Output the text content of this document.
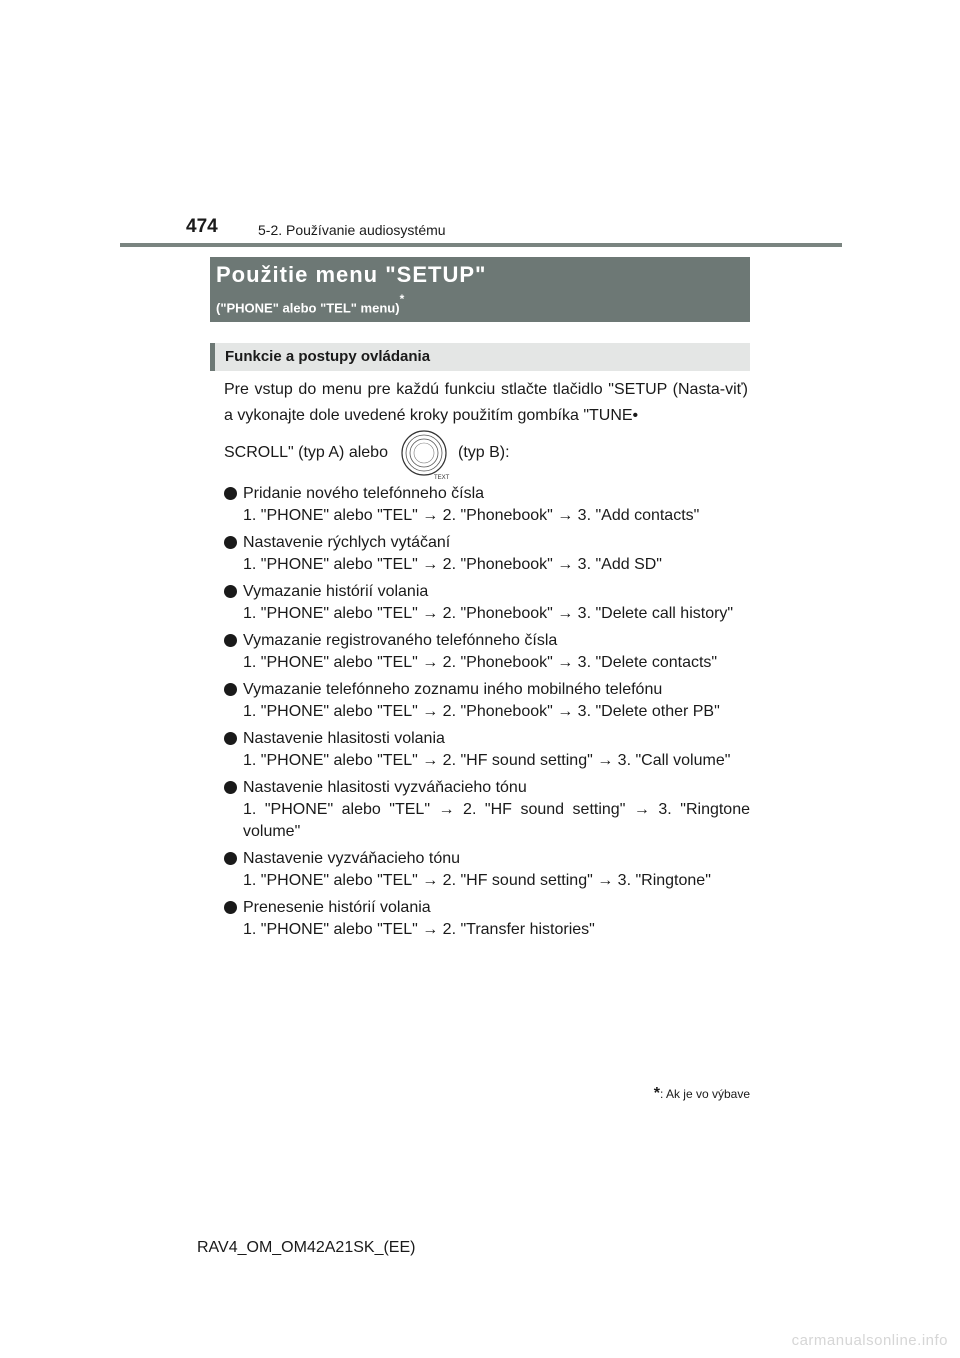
474	5-2. Používanie audiosystému
Použitie menu "SETUP"
("PHONE" alebo "TEL" menu)*
Funkcie a postupy ovládania
Pre vstup do menu pre každú funkciu stlačte tlačidlo "SETUP (Nasta-viť) a vykonajte dole uvedené kroky použitím gombíka "TUNE•
SCROLL" (typ A) alebo
TEXT
(typ B):
Pridanie nového telefónneho čísla
1. "PHONE" alebo "TEL" → 2. "Phonebook" → 3. "Add contacts"
Nastavenie rýchlych vytáčaní
1. "PHONE" alebo "TEL" → 2. "Phonebook" → 3. "Add SD"
Vymazanie histórií volania
1. "PHONE" alebo "TEL" → 2. "Phonebook" → 3. "Delete call history"
Vymazanie registrovaného telefónneho čísla
1. "PHONE" alebo "TEL" → 2. "Phonebook" → 3. "Delete contacts"
Vymazanie telefónneho zoznamu iného mobilného telefónu
1. "PHONE" alebo "TEL" → 2. "Phonebook" → 3. "Delete other PB"
Nastavenie hlasitosti volania
1. "PHONE" alebo "TEL" → 2. "HF sound setting" → 3. "Call volume"
Nastavenie hlasitosti vyzváňacieho tónu
1. "PHONE" alebo "TEL" → 2. "HF sound setting" → 3. "Ringtone volume"
Nastavenie vyzváňacieho tónu
1. "PHONE" alebo "TEL" → 2. "HF sound setting" → 3. "Ringtone"
Prenesenie histórií volania
1. "PHONE" alebo "TEL" → 2. "Transfer histories"
*: Ak je vo výbave
RAV4_OM_OM42A21SK_(EE)
carmanualsonline.info
